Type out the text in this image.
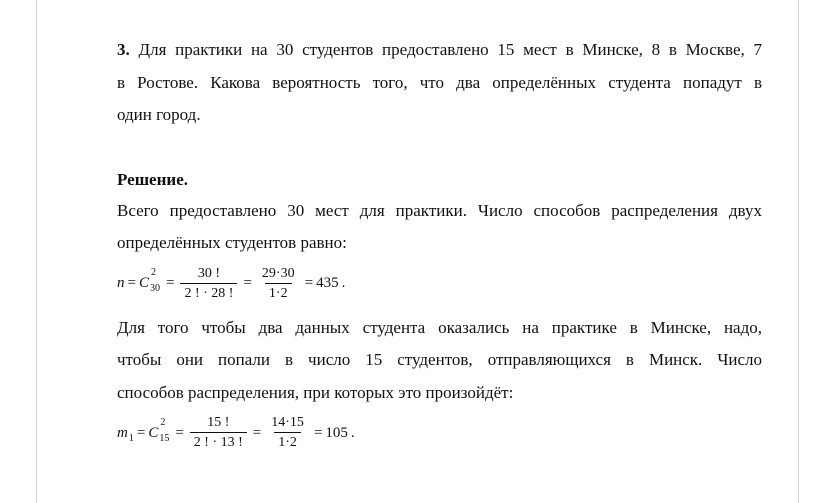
3. Для практики на 30 студентов предоставлено 15 мест в Минске, 8 в Москве, 7

в Ростове. Какова вероятность того, что два определённых студента попадут в

один город.

Решение.

Всего предоставлено 30 мест для практики. Число способов распределения двух

определённых студентов равно:

n = C
2
$30 = \frac{30 !}{2 ! \cdot 28 !} = \frac{29\cdot 30}{1\cdot 2} = 435$ .

Для того чтобы два данных студента оказались на практике в Минске, надо,

чтобы они попали в число 15 студентов, отправляющихся в Минск. Число

способов распределения, при которых это произойдёт:

$m_1 = C$
2
$15 = \frac{15 !}{2 ! \cdot 13 !} = \frac{14\cdot 15}{1\cdot 2} = 105$ .
